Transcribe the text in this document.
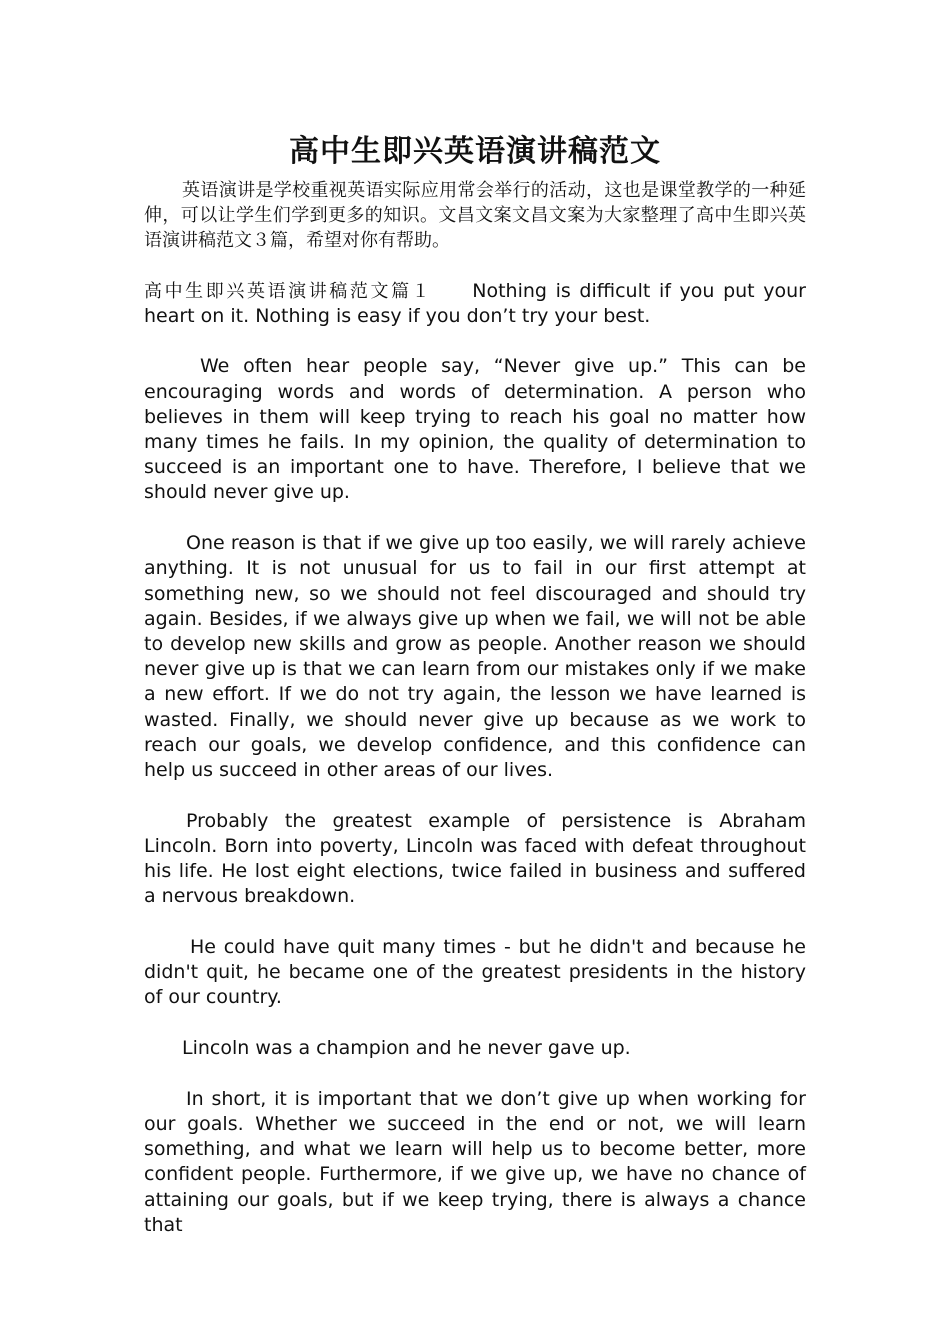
高中生即兴英语演讲稿范文

英语演讲是学校重视英语实际应用常会举行的活动，这也是课堂教学的一种延伸，可以让学生们学到更多的知识。文昌文案文昌文案为大家整理了高中生即兴英语演讲稿范文３篇，希望对你有帮助。

高中生即兴英语演讲稿范文篇１ Nothing is difficult if you put your heart on it. Nothing is easy if you don’t try your best.

We often hear people say, “Never give up.” This can be encouraging words and words of determination. A person who believes in them will keep trying to reach his goal no matter how many times he fails. In my opinion, the quality of determination to succeed is an important one to have. Therefore, I believe that we should never give up.

One reason is that if we give up too easily, we will rarely achieve anything. It is not unusual for us to fail in our first attempt at something new, so we should not feel discouraged and should try again. Besides, if we always give up when we fail, we will not be able to develop new skills and grow as people. Another reason we should never give up is that we can learn from our mistakes only if we make a new effort. If we do not try again, the lesson we have learned is wasted. Finally, we should never give up because as we work to reach our goals, we develop confidence, and this confidence can help us succeed in other areas of our lives.

Probably the greatest example of persistence is Abraham Lincoln. Born into poverty, Lincoln was faced with defeat throughout his life. He lost eight elections, twice failed in business and suffered a nervous breakdown.

He could have quit many times - but he didn't and because he didn't quit, he became one of the greatest presidents in the history of our country.

Lincoln was a champion and he never gave up.

In short, it is important that we don’t give up when working for our goals. Whether we succeed in the end or not, we will learn something, and what we learn will help us to become better, more confident people. Furthermore, if we give up, we have no chance of attaining our goals, but if we keep trying, there is always a chance that
